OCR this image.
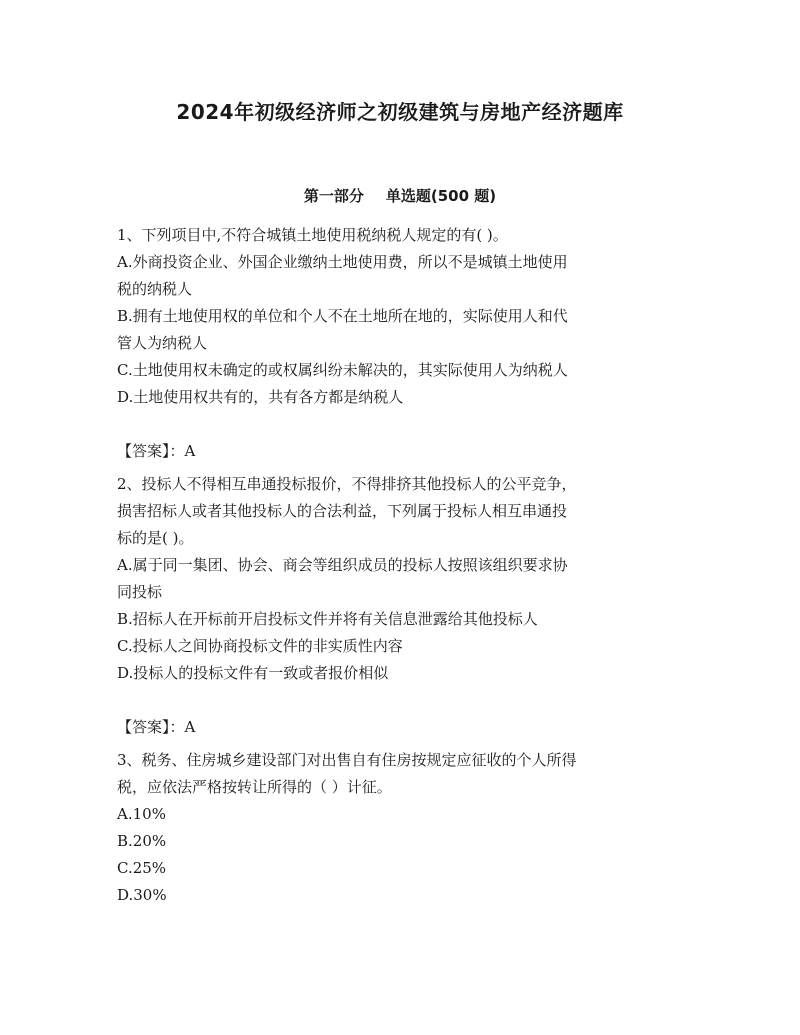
2024年初级经济师之初级建筑与房地产经济题库
第一部分 单选题(500 题)
1、下列项目中,不符合城镇土地使用税纳税人规定的有( )。
A.外商投资企业、外国企业缴纳土地使用费，所以不是城镇土地使用
税的纳税人
B.拥有土地使用权的单位和个人不在土地所在地的，实际使用人和代
管人为纳税人
C.土地使用权未确定的或权属纠纷未解决的，其实际使用人为纳税人
D.土地使用权共有的，共有各方都是纳税人
【答案】：A
2、投标人不得相互串通投标报价，不得排挤其他投标人的公平竞争，
损害招标人或者其他投标人的合法利益，下列属于投标人相互串通投
标的是( )。
A.属于同一集团、协会、商会等组织成员的投标人按照该组织要求协
同投标
B.招标人在开标前开启投标文件并将有关信息泄露给其他投标人
C.投标人之间协商投标文件的非实质性内容
D.投标人的投标文件有一致或者报价相似
【答案】：A
3、税务、住房城乡建设部门对出售自有住房按规定应征收的个人所得
税，应依法严格按转让所得的（ ）计征。
A.10%
B.20%
C.25%
D.30%
